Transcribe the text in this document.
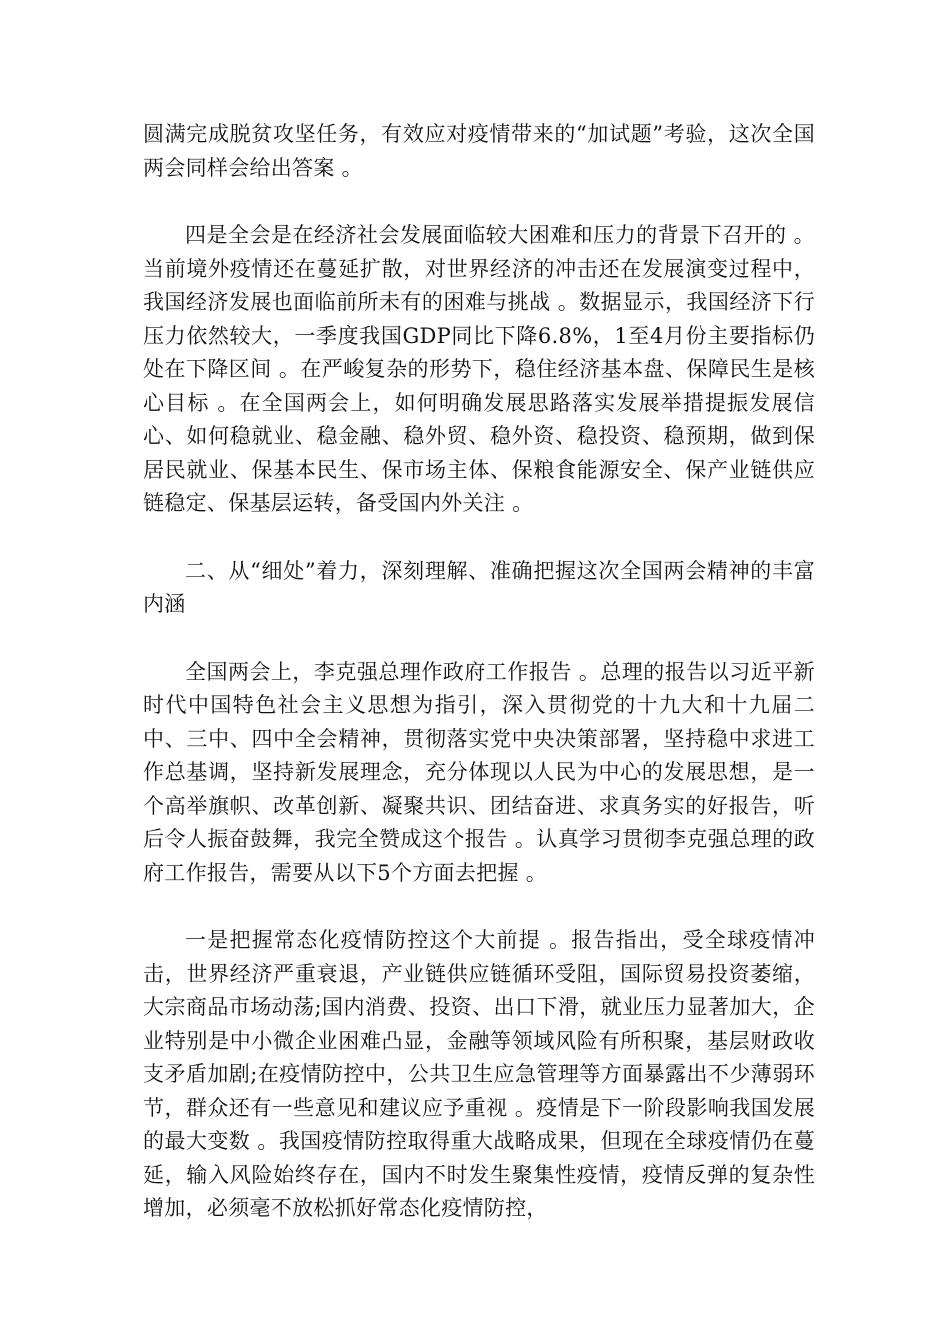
圆满完成脱贫攻坚任务，有效应对疫情带来的“加试题”考验，这次全国两会同样会给出答案 。

四是全会是在经济社会发展面临较大困难和压力的背景下召开的 。当前境外疫情还在蔓延扩散，对世界经济的冲击还在发展演变过程中，我国经济发展也面临前所未有的困难与挑战 。数据显示，我国经济下行压力依然较大，一季度我国GDP同比下降6.8%，1至4月份主要指标仍处在下降区间 。在严峻复杂的形势下，稳住经济基本盘、保障民生是核心目标 。在全国两会上，如何明确发展思路落实发展举措提振发展信心、如何稳就业、稳金融、稳外贸、稳外资、稳投资、稳预期，做到保居民就业、保基本民生、保市场主体、保粮食能源安全、保产业链供应链稳定、保基层运转，备受国内外关注 。

二、从“细处”着力，深刻理解、准确把握这次全国两会精神的丰富内涵

全国两会上，李克强总理作政府工作报告 。总理的报告以习近平新时代中国特色社会主义思想为指引，深入贯彻党的十九大和十九届二中、三中、四中全会精神，贯彻落实党中央决策部署，坚持稳中求进工作总基调，坚持新发展理念，充分体现以人民为中心的发展思想，是一个高举旗帜、改革创新、凝聚共识、团结奋进、求真务实的好报告，听后令人振奋鼓舞，我完全赞成这个报告 。认真学习贯彻李克强总理的政府工作报告，需要从以下5个方面去把握 。

一是把握常态化疫情防控这个大前提 。报告指出，受全球疫情冲击，世界经济严重衰退，产业链供应链循环受阻，国际贸易投资萎缩，大宗商品市场动荡;国内消费、投资、出口下滑，就业压力显著加大，企业特别是中小微企业困难凸显，金融等领域风险有所积聚，基层财政收支矛盾加剧;在疫情防控中，公共卫生应急管理等方面暴露出不少薄弱环节，群众还有一些意见和建议应予重视 。疫情是下一阶段影响我国发展的最大变数 。我国疫情防控取得重大战略成果，但现在全球疫情仍在蔓延，输入风险始终存在，国内不时发生聚集性疫情，疫情反弹的复杂性增加，必须毫不放松抓好常态化疫情防控，
